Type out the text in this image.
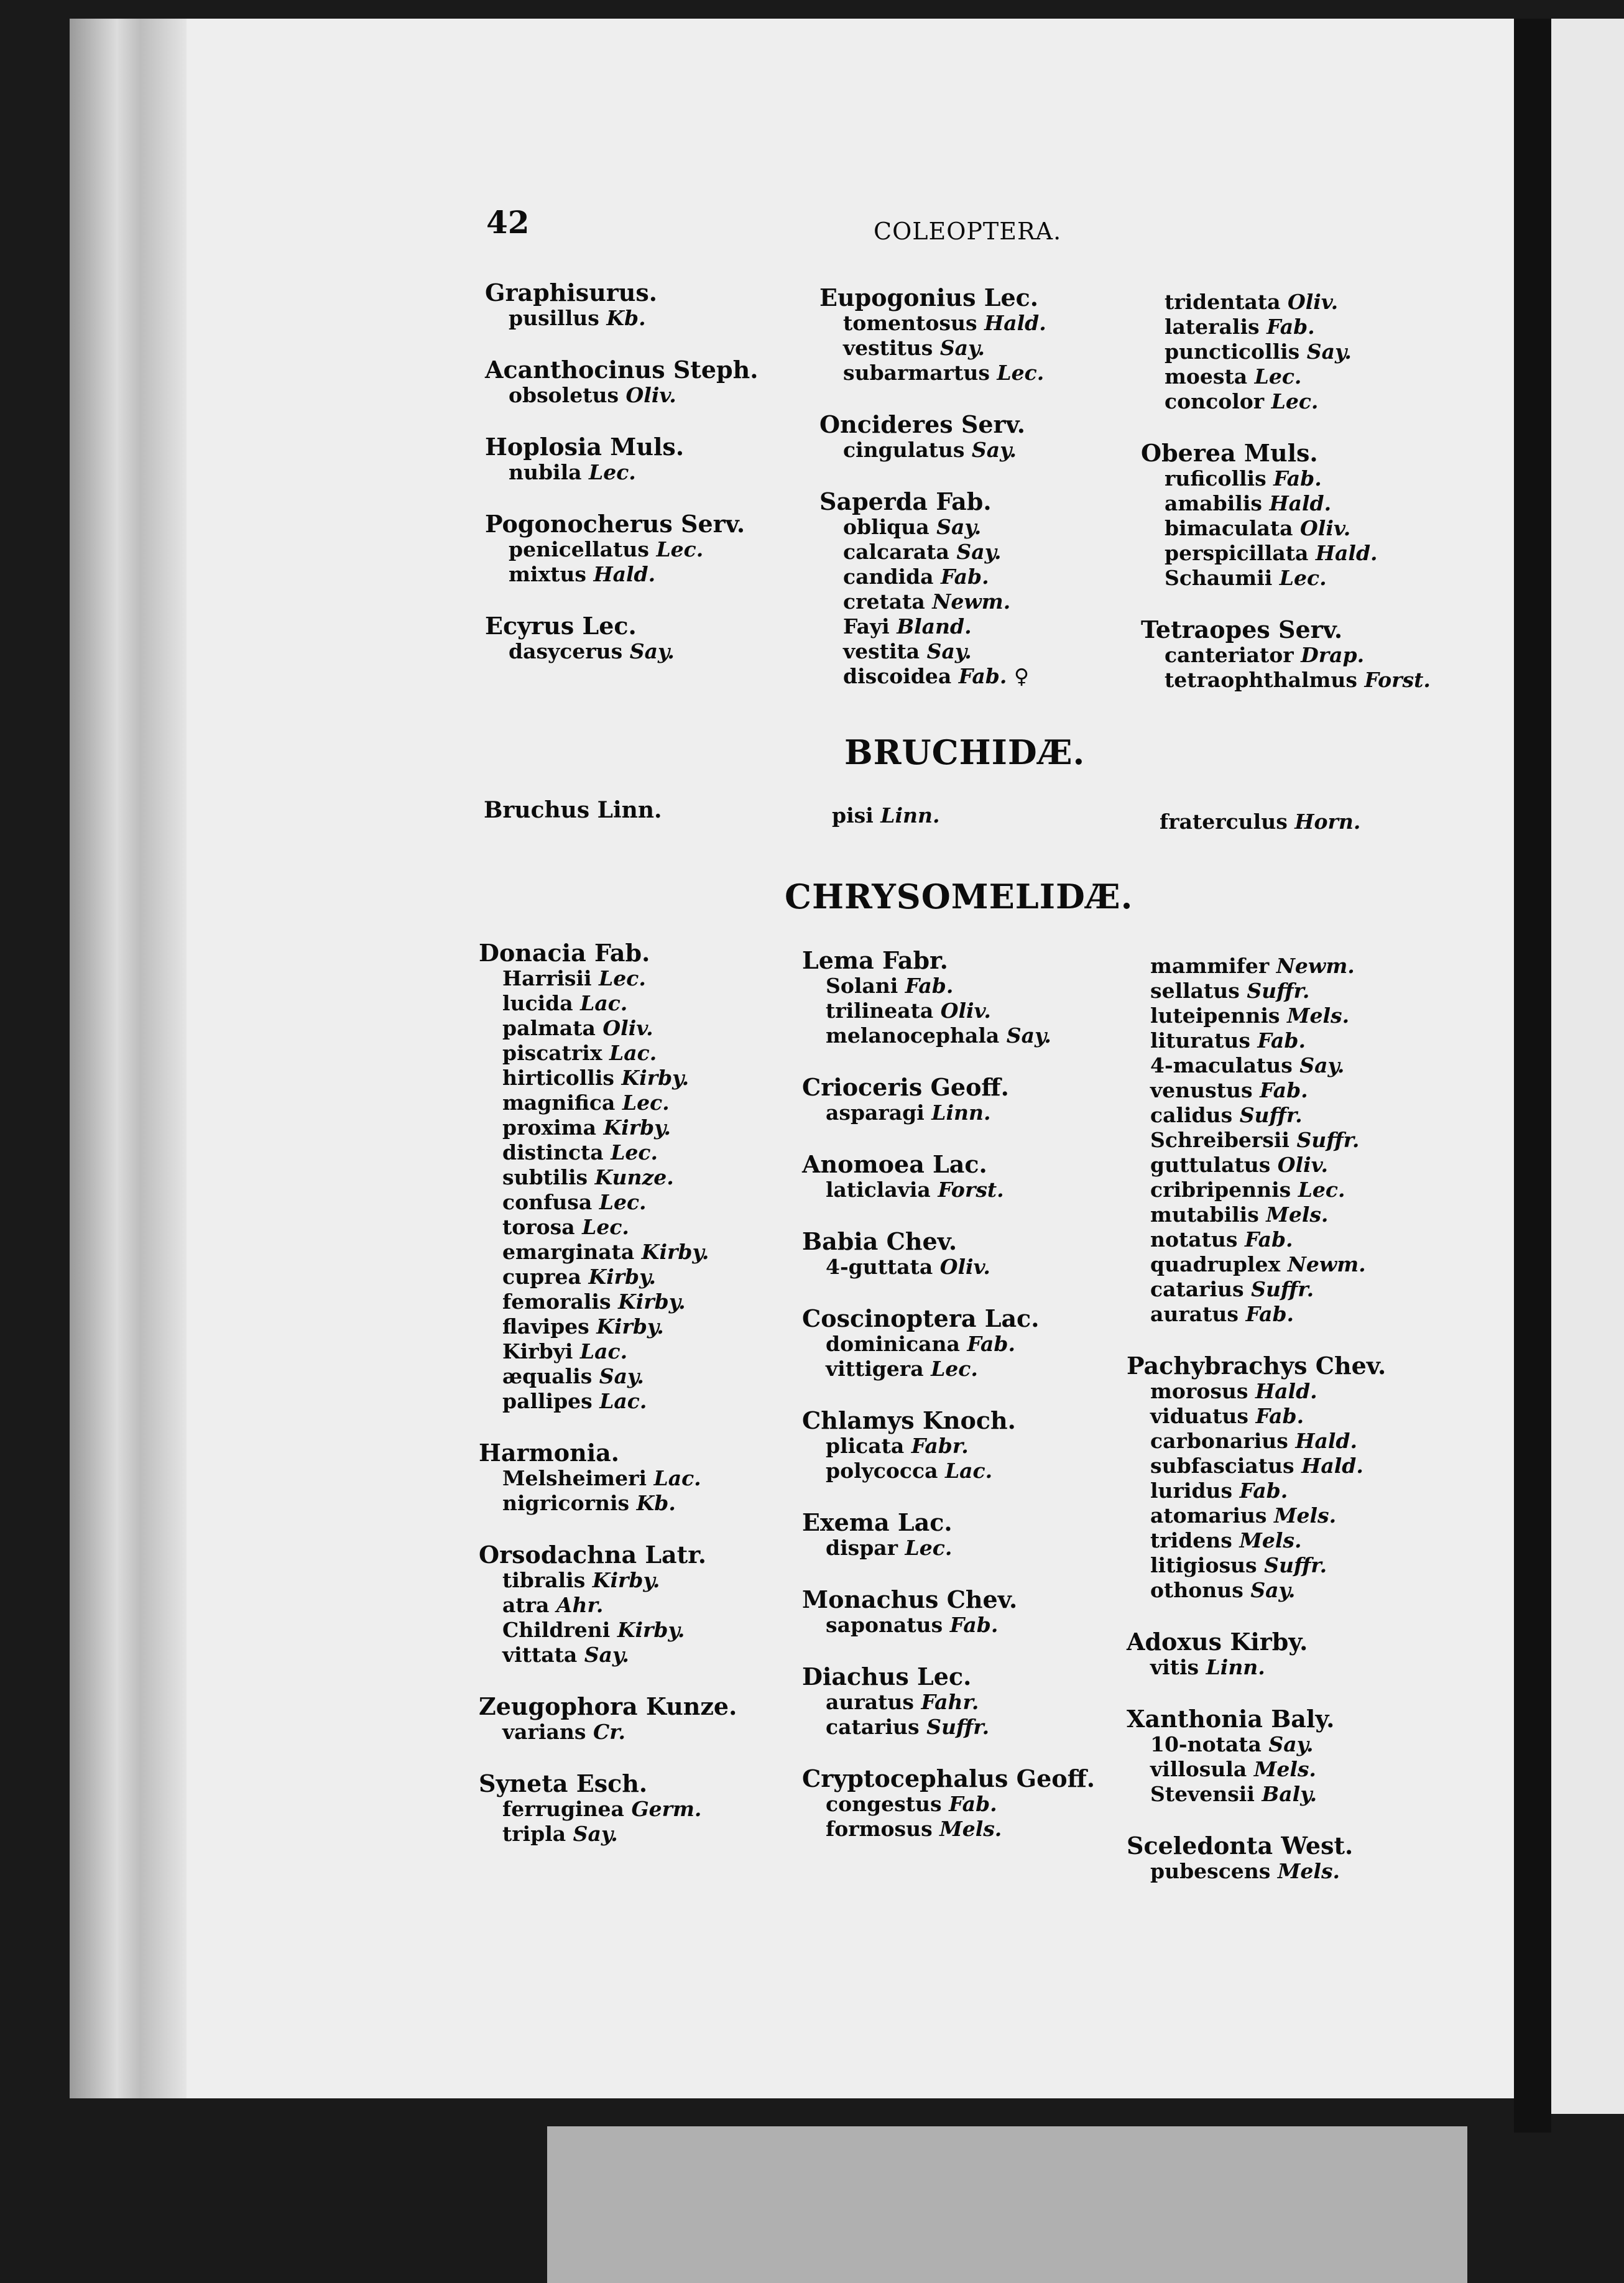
42	COLEOPTERA.
Graphisurus.
pusillus Kb.
Acanthocinus Steph.
obsoletus Oliv.
Hoplosia Muls.
nubila Lec.
Pogonocherus Serv.
penicellatus Lec.
mixtus Hald.
Ecyrus Lec.
dasycerus Say.
Eupogonius Lec.
tomentosus Hald.
vestitus Say.
subarmartus Lec.
Oncideres Serv.
cingulatus Say.
Saperda Fab.
obliqua Say.
calcarata Say.
candida Fab.
cretata Newm.
Fayi Bland.
vestita Say.
discoidea Fab. ♀
tridentata Oliv.
lateralis Fab.
puncticollis Say.
moesta Lec.
concolor Lec.
Oberea Muls.
ruficollis Fab.
amabilis Hald.
bimaculata Oliv.
perspicillata Hald.
Schaumii Lec.
Tetraopes Serv.
canteriator Drap.
tetraophthalmus Forst.
BRUCHIDÆ.
Bruchus Linn.	pisi Linn.	fraterculus Horn.
CHRYSOMELIDÆ.
Donacia Fab.
Harrisii Lec.
lucida Lac.
palmata Oliv.
piscatrix Lac.
hirticollis Kirby.
magnifica Lec.
proxima Kirby.
distincta Lec.
subtilis Kunze.
confusa Lec.
torosa Lec.
emarginata Kirby.
cuprea Kirby.
femoralis Kirby.
flavipes Kirby.
Kirbyi Lac.
æqualis Say.
pallipes Lac.
Harmonia.
Melsheimeri Lac.
nigricornis Kb.
Orsodachna Latr.
tibralis Kirby.
atra Ahr.
Childreni Kirby.
vittata Say.
Zeugophora Kunze.
varians Cr.
Syneta Esch.
ferruginea Germ.
tripla Say.
Lema Fabr.
Solani Fab.
trilineata Oliv.
melanocephala Say.
Crioceris Geoff.
asparagi Linn.
Anomoea Lac.
laticlavia Forst.
Babia Chev.
4-guttata Oliv.
Coscinoptera Lac.
dominicana Fab.
vittigera Lec.
Chlamys Knoch.
plicata Fabr.
polycocca Lac.
Exema Lac.
dispar Lec.
Monachus Chev.
saponatus Fab.
Diachus Lec.
auratus Fahr.
catarius Suffr.
Cryptocephalus Geoff.
congestus Fab.
formosus Mels.
mammifer Newm.
sellatus Suffr.
luteipennis Mels.
lituratus Fab.
4-maculatus Say.
venustus Fab.
calidus Suffr.
Schreibersii Suffr.
guttulatus Oliv.
cribripennis Lec.
mutabilis Mels.
notatus Fab.
quadruplex Newm.
catarius Suffr.
auratus Fab.
Pachybrachys Chev.
morosus Hald.
viduatus Fab.
carbonarius Hald.
subfasciatus Hald.
luridus Fab.
atomarius Mels.
tridens Mels.
litigiosus Suffr.
othonus Say.
Adoxus Kirby.
vitis Linn.
Xanthonia Baly.
10-notata Say.
villosula Mels.
Stevensii Baly.
Sceledonta West.
pubescens Mels.
